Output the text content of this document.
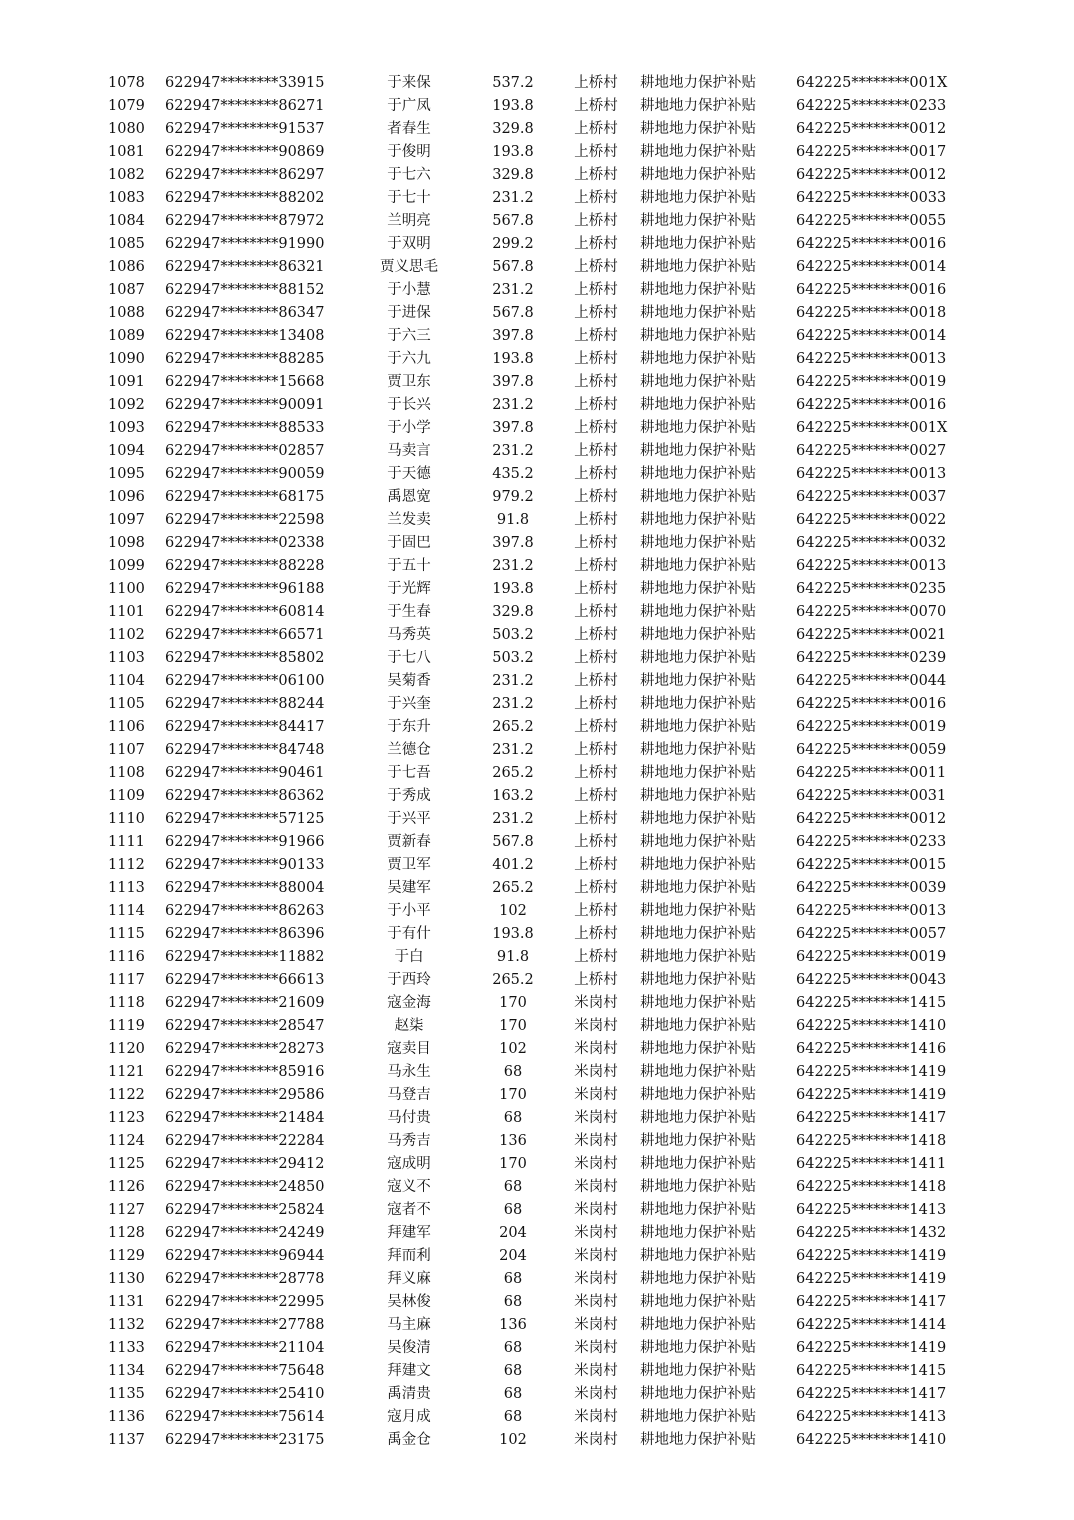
1078	622947********33915	于来保	537.2	上桥村	耕地地力保护补贴	642225********001X
1079	622947********86271	于广凤	193.8	上桥村	耕地地力保护补贴	642225********0233
1080	622947********91537	者春生	329.8	上桥村	耕地地力保护补贴	642225********0012
1081	622947********90869	于俊明	193.8	上桥村	耕地地力保护补贴	642225********0017
1082	622947********86297	于七六	329.8	上桥村	耕地地力保护补贴	642225********0012
1083	622947********88202	于七十	231.2	上桥村	耕地地力保护补贴	642225********0033
1084	622947********87972	兰明亮	567.8	上桥村	耕地地力保护补贴	642225********0055
1085	622947********91990	于双明	299.2	上桥村	耕地地力保护补贴	642225********0016
1086	622947********86321	贾义思毛	567.8	上桥村	耕地地力保护补贴	642225********0014
1087	622947********88152	于小慧	231.2	上桥村	耕地地力保护补贴	642225********0016
1088	622947********86347	于进保	567.8	上桥村	耕地地力保护补贴	642225********0018
1089	622947********13408	于六三	397.8	上桥村	耕地地力保护补贴	642225********0014
1090	622947********88285	于六九	193.8	上桥村	耕地地力保护补贴	642225********0013
1091	622947********15668	贾卫东	397.8	上桥村	耕地地力保护补贴	642225********0019
1092	622947********90091	于长兴	231.2	上桥村	耕地地力保护补贴	642225********0016
1093	622947********88533	于小学	397.8	上桥村	耕地地力保护补贴	642225********001X
1094	622947********02857	马卖言	231.2	上桥村	耕地地力保护补贴	642225********0027
1095	622947********90059	于天德	435.2	上桥村	耕地地力保护补贴	642225********0013
1096	622947********68175	禹恩宽	979.2	上桥村	耕地地力保护补贴	642225********0037
1097	622947********22598	兰发卖	91.8	上桥村	耕地地力保护补贴	642225********0022
1098	622947********02338	于固巴	397.8	上桥村	耕地地力保护补贴	642225********0032
1099	622947********88228	于五十	231.2	上桥村	耕地地力保护补贴	642225********0013
1100	622947********96188	于光辉	193.8	上桥村	耕地地力保护补贴	642225********0235
1101	622947********60814	于生春	329.8	上桥村	耕地地力保护补贴	642225********0070
1102	622947********66571	马秀英	503.2	上桥村	耕地地力保护补贴	642225********0021
1103	622947********85802	于七八	503.2	上桥村	耕地地力保护补贴	642225********0239
1104	622947********06100	吴菊香	231.2	上桥村	耕地地力保护补贴	642225********0044
1105	622947********88244	于兴奎	231.2	上桥村	耕地地力保护补贴	642225********0016
1106	622947********84417	于东升	265.2	上桥村	耕地地力保护补贴	642225********0019
1107	622947********84748	兰德仓	231.2	上桥村	耕地地力保护补贴	642225********0059
1108	622947********90461	于七吾	265.2	上桥村	耕地地力保护补贴	642225********0011
1109	622947********86362	于秀成	163.2	上桥村	耕地地力保护补贴	642225********0031
1110	622947********57125	于兴平	231.2	上桥村	耕地地力保护补贴	642225********0012
1111	622947********91966	贾新春	567.8	上桥村	耕地地力保护补贴	642225********0233
1112	622947********90133	贾卫军	401.2	上桥村	耕地地力保护补贴	642225********0015
1113	622947********88004	吴建军	265.2	上桥村	耕地地力保护补贴	642225********0039
1114	622947********86263	于小平	102	上桥村	耕地地力保护补贴	642225********0013
1115	622947********86396	于有什	193.8	上桥村	耕地地力保护补贴	642225********0057
1116	622947********11882	于白	91.8	上桥村	耕地地力保护补贴	642225********0019
1117	622947********66613	于西玲	265.2	上桥村	耕地地力保护补贴	642225********0043
1118	622947********21609	寇金海	170	米岗村	耕地地力保护补贴	642225********1415
1119	622947********28547	赵柒	170	米岗村	耕地地力保护补贴	642225********1410
1120	622947********28273	寇卖目	102	米岗村	耕地地力保护补贴	642225********1416
1121	622947********85916	马永生	68	米岗村	耕地地力保护补贴	642225********1419
1122	622947********29586	马登吉	170	米岗村	耕地地力保护补贴	642225********1419
1123	622947********21484	马付贵	68	米岗村	耕地地力保护补贴	642225********1417
1124	622947********22284	马秀吉	136	米岗村	耕地地力保护补贴	642225********1418
1125	622947********29412	寇成明	170	米岗村	耕地地力保护补贴	642225********1411
1126	622947********24850	寇义不	68	米岗村	耕地地力保护补贴	642225********1418
1127	622947********25824	寇者不	68	米岗村	耕地地力保护补贴	642225********1413
1128	622947********24249	拜建军	204	米岗村	耕地地力保护补贴	642225********1432
1129	622947********96944	拜而利	204	米岗村	耕地地力保护补贴	642225********1419
1130	622947********28778	拜义麻	68	米岗村	耕地地力保护补贴	642225********1419
1131	622947********22995	吴林俊	68	米岗村	耕地地力保护补贴	642225********1417
1132	622947********27788	马主麻	136	米岗村	耕地地力保护补贴	642225********1414
1133	622947********21104	吴俊清	68	米岗村	耕地地力保护补贴	642225********1419
1134	622947********75648	拜建文	68	米岗村	耕地地力保护补贴	642225********1415
1135	622947********25410	禹清贵	68	米岗村	耕地地力保护补贴	642225********1417
1136	622947********75614	寇月成	68	米岗村	耕地地力保护补贴	642225********1413
1137	622947********23175	禹金仓	102	米岗村	耕地地力保护补贴	642225********1410
